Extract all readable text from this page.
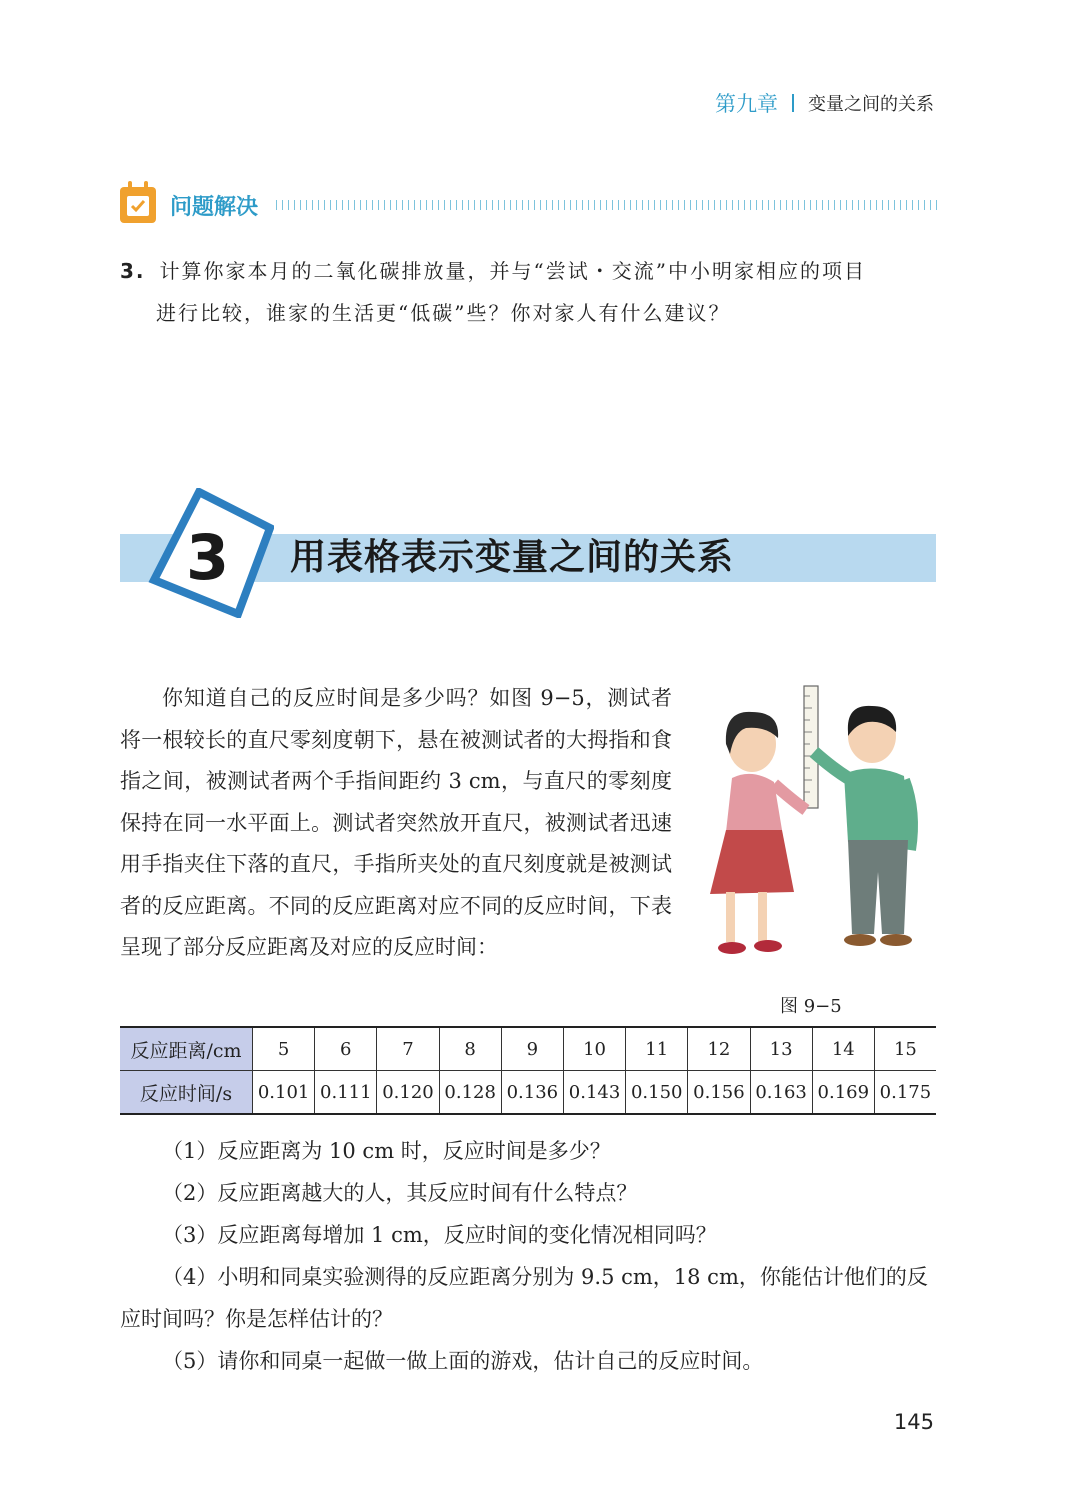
第九章 变量之间的关系
问题解决
3. 计算你家本月的二氧化碳排放量，并与“尝试・交流”中小明家相应的项目
进行比较，谁家的生活更“低碳”些？你对家人有什么建议？
3 用表格表示变量之间的关系

你知道自己的反应时间是多少吗？如图 9−5，测试者将一根较长的直尺零刻度朝下，悬在被测试者的大拇指和食指之间，被测试者两个手指间距约 3 cm，与直尺的零刻度保持在同一水平面上。测试者突然放开直尺，被测试者迅速用手指夹住下落的直尺，手指所夹处的直尺刻度就是被测试者的反应距离。不同的反应距离对应不同的反应时间，下表呈现了部分反应距离及对应的反应时间：

图 9−5
反应距离/cm	5	6	7	8	9	10	11	12	13	14	15
反应时间/s	0.101	0.111	0.120	0.128	0.136	0.143	0.150	0.156	0.163	0.169	0.175
（1）反应距离为 10 cm 时，反应时间是多少？
（2）反应距离越大的人，其反应时间有什么特点？
（3）反应距离每增加 1 cm，反应时间的变化情况相同吗？
（4）小明和同桌实验测得的反应距离分别为 9.5 cm，18 cm，你能估计他们的反应时间吗？你是怎样估计的？
（5）请你和同桌一起做一做上面的游戏，估计自己的反应时间。
145
